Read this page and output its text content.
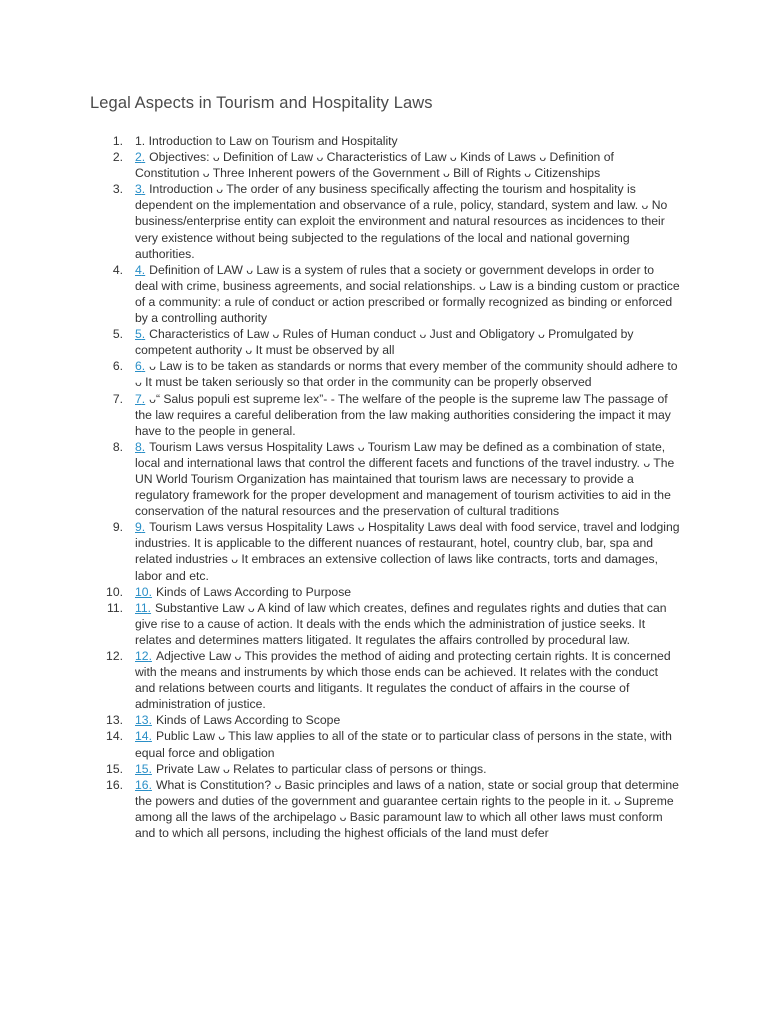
Legal Aspects in Tourism and Hospitality Laws
1 . 1. Introduction to Law on Tourism and Hospitality
2 . 2 . Objectives: ᴗ Definition of Law ᴗ Characteristics of Law ᴗ Kinds of Laws ᴗ Definition of Constitution ᴗ Three Inherent powers of the Government ᴗ Bill of Rights ᴗ Citizenships
3 . 3 . Introduction ᴗ The order of any business specifically affecting the tourism and hospitality is dependent on the implementation and observance of a rule, policy, standard, system and law. ᴗ No business/enterprise entity can exploit the environment and natural resources as incidences to their very existence without being subjected to the regulations of the local and national governing authorities.
4 . 4 . Definition of LAW ᴗ Law is a system of rules that a society or government develops in order to deal with crime, business agreements, and social relationships. ᴗ Law is a binding custom or practice of a community: a rule of conduct or action prescribed or formally recognized as binding or enforced by a controlling authority
5 . 5 . Characteristics of Law ᴗ Rules of Human conduct ᴗ Just and Obligatory ᴗ Promulgated by competent authority ᴗ It must be observed by all
6 . 6 . ᴗ Law is to be taken as standards or norms that every member of the community should adhere to ᴗ It must be taken seriously so that order in the community can be properly observed
7 . 7 . ᴗ“ Salus populi est supreme lex”- - The welfare of the people is the supreme law The passage of the law requires a careful deliberation from the law making authorities considering the impact it may have to the people in general.
8 . 8 . Tourism Laws versus Hospitality Laws ᴗ Tourism Law may be defined as a combination of state, local and international laws that control the different facets and functions of the travel industry. ᴗ The UN World Tourism Organization has maintained that tourism laws are necessary to provide a regulatory framework for the proper development and management of tourism activities to aid in the conservation of the natural resources and the preservation of cultural traditions
9 . 9 . Tourism Laws versus Hospitality Laws ᴗ Hospitality Laws deal with food service, travel and lodging industries. It is applicable to the different nuances of restaurant, hotel, country club, bar, spa and related industries ᴗ It embraces an extensive collection of laws like contracts, torts and damages, labor and etc.
10 . 10 . Kinds of Laws According to Purpose
11 . 11 . Substantive Law ᴗ A kind of law which creates, defines and regulates rights and duties that can give rise to a cause of action. It deals with the ends which the administration of justice seeks. It relates and determines matters litigated. It regulates the affairs controlled by procedural law.
12 . 12 . Adjective Law ᴗ This provides the method of aiding and protecting certain rights. It is concerned with the means and instruments by which those ends can be achieved. It relates with the conduct and relations between courts and litigants. It regulates the conduct of affairs in the course of administration of justice.
13 . 13 . Kinds of Laws According to Scope
14 . 14 . Public Law ᴗ This law applies to all of the state or to particular class of persons in the state, with equal force and obligation
15 . 15 . Private Law ᴗ Relates to particular class of persons or things.
16 . 16 . What is Constitution? ᴗ Basic principles and laws of a nation, state or social group that determine the powers and duties of the government and guarantee certain rights to the people in it. ᴗ Supreme among all the laws of the archipelago ᴗ Basic paramount law to which all other laws must conform and to which all persons, including the highest officials of the land must defer
